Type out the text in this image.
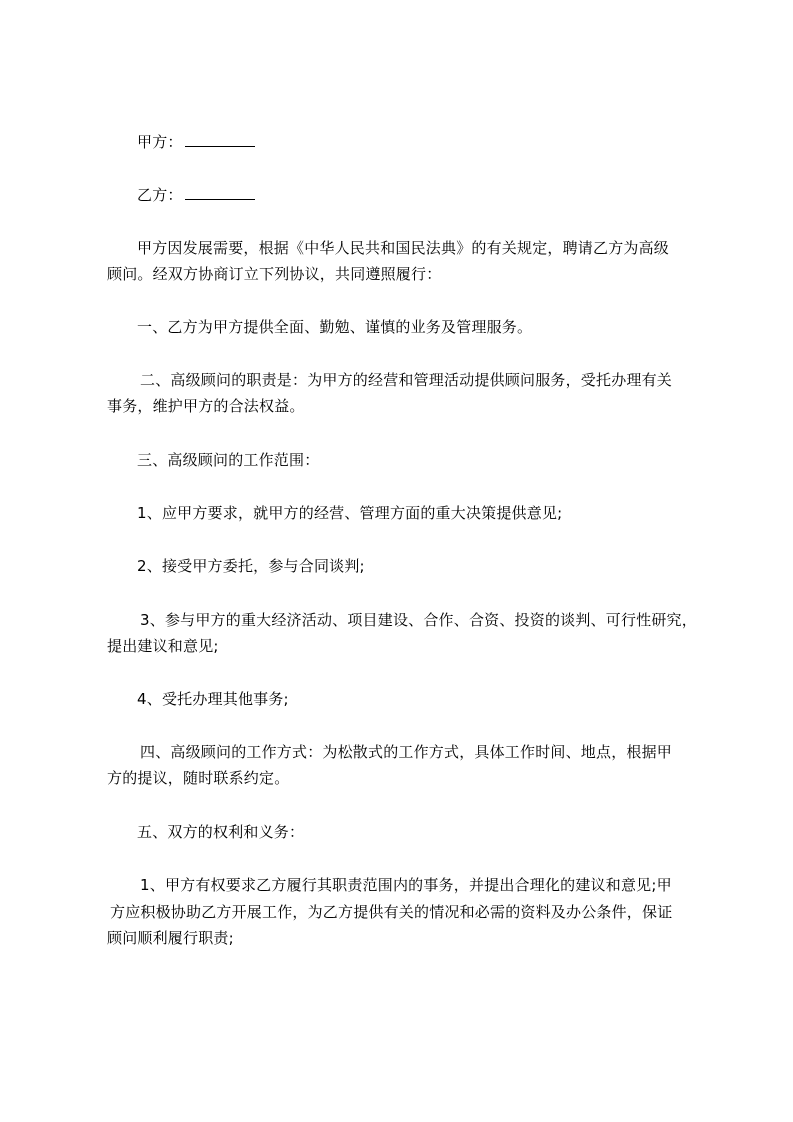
甲方：
乙方：
甲方因发展需要，根据《中华人民共和国民法典》的有关规定，聘请乙方为高级
顾问。经双方协商订立下列协议，共同遵照履行：
一、乙方为甲方提供全面、勤勉、谨慎的业务及管理服务。
二、高级顾问的职责是：为甲方的经营和管理活动提供顾问服务，受托办理有关
事务，维护甲方的合法权益。
三、高级顾问的工作范围：
1、应甲方要求，就甲方的经营、管理方面的重大决策提供意见;
2、接受甲方委托，参与合同谈判;
3、参与甲方的重大经济活动、项目建设、合作、合资、投资的谈判、可行性研究，
提出建议和意见;
4、受托办理其他事务;
四、高级顾问的工作方式：为松散式的工作方式，具体工作时间、地点，根据甲
方的提议，随时联系约定。
五、双方的权利和义务：
1、甲方有权要求乙方履行其职责范围内的事务，并提出合理化的建议和意见;甲
方应积极协助乙方开展工作，为乙方提供有关的情况和必需的资料及办公条件，保证
顾问顺利履行职责;
